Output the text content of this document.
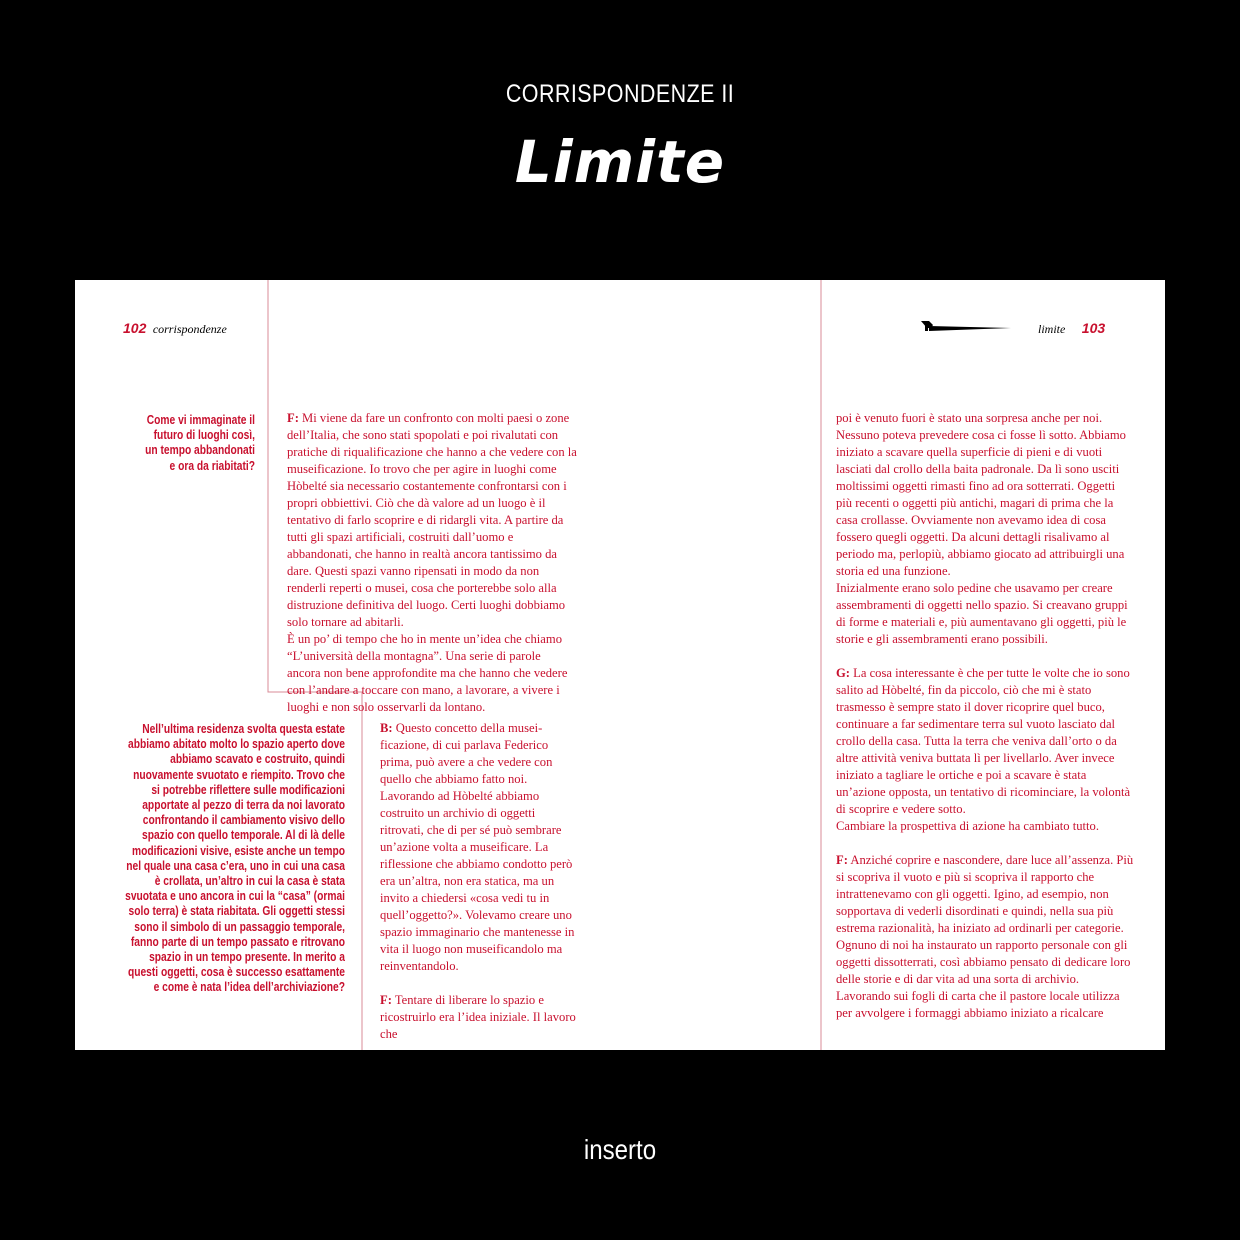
CORRISPONDENZE II
Limite
102 corrispondenze	limite 103
Come vi immaginate il futuro di luoghi così, un tempo abbandonati e ora da riabitati?
Nell’ultima residenza svolta questa estate abbiamo abitato molto lo spazio aperto dove abbiamo scavato e costruito, quindi nuovamente svuotato e riempito. Trovo che si potrebbe riflettere sulle modificazioni apportate al pezzo di terra da noi lavorato confrontando il cambiamento visivo dello spazio con quello temporale. Al di là delle modificazioni visive, esiste anche un tempo nel quale una casa c’era, uno in cui una casa è crollata, un’altro in cui la casa è stata svuotata e uno ancora in cui la “casa” (ormai solo terra) è stata riabitata. Gli oggetti stessi sono il simbolo di un passaggio temporale, fanno parte di un tempo passato e ritrovano spazio in un tempo presente. In merito a questi oggetti, cosa è successo esattamente e come è nata l’idea dell’archiviazione?

F: Mi viene da fare un confronto con molti paesi o zone dell’Italia, che sono stati spopolati e poi rivalutati con pratiche di riqualificazione che hanno a che vedere con la museificazione. Io trovo che per agire in luoghi come Hòbelté sia necessario costantemente confrontarsi con i propri obbiettivi. Ciò che dà valore ad un luogo è il tentativo di farlo scoprire e di ridargli vita. A partire da tutti gli spazi artificiali, costruiti dall’uomo e abbandonati, che hanno in realtà ancora tantissimo da dare. Questi spazi vanno ripensati in modo da non renderli reperti o musei, cosa che porterebbe solo alla distruzione definitiva del luogo. Certi luoghi dobbiamo solo tornare ad abitarli.

È un po’ di tempo che ho in mente un’idea che chiamo “L’università della montagna”. Una serie di parole ancora non bene approfondite ma che hanno che vedere con l’andare a toccare con mano, a lavorare, a vivere i luoghi e non solo osservarli da lontano.

B: Questo concetto della museificazione, di cui parlava Federico prima, può avere a che vedere con quello che abbiamo fatto noi. Lavorando ad Hòbelté abbiamo costruito un archivio di oggetti ritrovati, che di per sé può sembrare un’azione volta a museificare. La riflessione che abbiamo condotto però era un’altra, non era statica, ma un invito a chiedersi «cosa vedi tu in quell’oggetto?». Volevamo creare uno spazio immaginario che mantenesse in vita il luogo non museificandolo ma reinventandolo.

F: Tentare di liberare lo spazio e ricostruirlo era l’idea iniziale. Il lavoro che

poi è venuto fuori è stato una sorpresa anche per noi. Nessuno poteva prevedere cosa ci fosse lì sotto. Abbiamo iniziato a scavare quella superficie di pieni e di vuoti lasciati dal crollo della baita padronale. Da lì sono usciti moltissimi oggetti rimasti fino ad ora sotterrati. Oggetti più recenti o oggetti più antichi, magari di prima che la casa crollasse. Ovviamente non avevamo idea di cosa fossero quegli oggetti. Da alcuni dettagli risalivamo al periodo ma, perlopiù, abbiamo giocato ad attribuirgli una storia ed una funzione.

Inizialmente erano solo pedine che usavamo per creare assembramenti di oggetti nello spazio. Si creavano gruppi di forme e materiali e, più aumentavano gli oggetti, più le storie e gli assembramenti erano possibili.

G: La cosa interessante è che per tutte le volte che io sono salito ad Hòbelté, fin da piccolo, ciò che mi è stato trasmesso è sempre stato il dover ricoprire quel buco, continuare a far sedimentare terra sul vuoto lasciato dal crollo della casa. Tutta la terra che veniva dall’orto o da altre attività veniva buttata lì per livellarlo. Aver invece iniziato a tagliare le ortiche e poi a scavare è stata un’azione opposta, un tentativo di ricominciare, la volontà di scoprire e vedere sotto.

Cambiare la prospettiva di azione ha cambiato tutto.

F: Anziché coprire e nascondere, dare luce all’assenza. Più si scopriva il vuoto e più si scopriva il rapporto che intrattenevamo con gli oggetti. Igino, ad esempio, non sopportava di vederli disordinati e quindi, nella sua più estrema razionalità, ha iniziato ad ordinarli per categorie. Ognuno di noi ha instaurato un rapporto personale con gli oggetti dissotterrati, così abbiamo pensato di dedicare loro delle storie e di dar vita ad una sorta di archivio. Lavorando sui fogli di carta che il pastore locale utilizza per avvolgere i formaggi abbiamo iniziato a ricalcare

inserto
